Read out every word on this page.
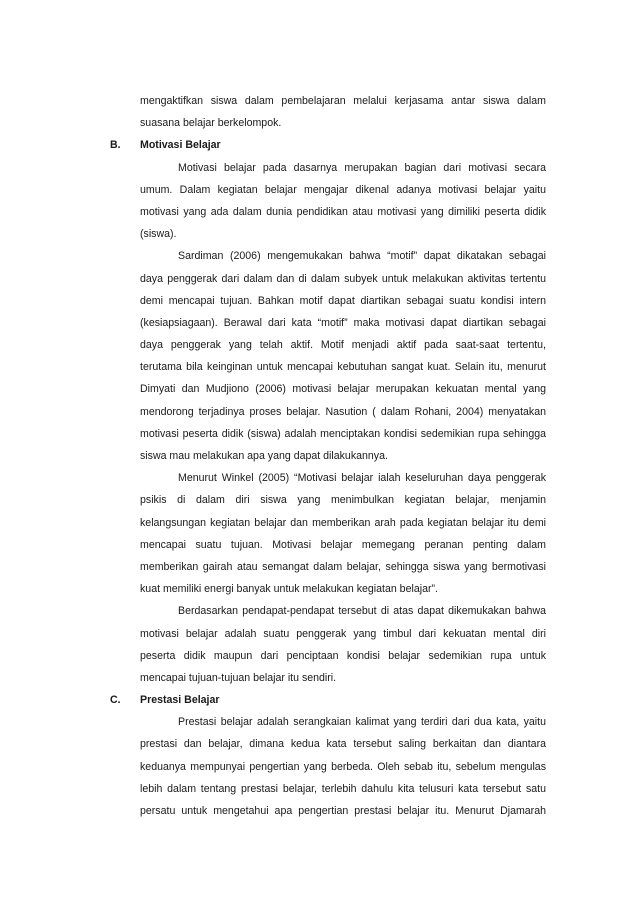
mengaktifkan siswa dalam pembelajaran melalui kerjasama antar siswa dalam
suasana belajar berkelompok.
B. Motivasi Belajar
Motivasi belajar pada dasarnya merupakan bagian dari motivasi secara
umum. Dalam kegiatan belajar mengajar dikenal adanya motivasi belajar yaitu
motivasi yang ada dalam dunia pendidikan atau motivasi yang dimiliki peserta didik
(siswa).
Sardiman (2006) mengemukakan bahwa “motif” dapat dikatakan sebagai
daya penggerak dari dalam dan di dalam subyek untuk melakukan aktivitas tertentu
demi mencapai tujuan. Bahkan motif dapat diartikan sebagai suatu kondisi intern
(kesiapsiagaan). Berawal dari kata “motif” maka motivasi dapat diartikan sebagai
daya penggerak yang telah aktif. Motif menjadi aktif pada saat-saat tertentu,
terutama bila keinginan untuk mencapai kebutuhan sangat kuat. Selain itu, menurut
Dimyati dan Mudjiono (2006) motivasi belajar merupakan kekuatan mental yang
mendorong terjadinya proses belajar. Nasution ( dalam Rohani, 2004) menyatakan
motivasi peserta didik (siswa) adalah menciptakan kondisi sedemikian rupa sehingga
siswa mau melakukan apa yang dapat dilakukannya.
Menurut Winkel (2005) “Motivasi belajar ialah keseluruhan daya penggerak
psikis di dalam diri siswa yang menimbulkan kegiatan belajar, menjamin
kelangsungan kegiatan belajar dan memberikan arah pada kegiatan belajar itu demi
mencapai suatu tujuan. Motivasi belajar memegang peranan penting dalam
memberikan gairah atau semangat dalam belajar, sehingga siswa yang bermotivasi
kuat memiliki energi banyak untuk melakukan kegiatan belajar”.
Berdasarkan pendapat-pendapat tersebut di atas dapat dikemukakan bahwa
motivasi belajar adalah suatu penggerak yang timbul dari kekuatan mental diri
peserta didik maupun dari penciptaan kondisi belajar sedemikian rupa untuk
mencapai tujuan-tujuan belajar itu sendiri.
C. Prestasi Belajar
Prestasi belajar adalah serangkaian kalimat yang terdiri dari dua kata, yaitu
prestasi dan belajar, dimana kedua kata tersebut saling berkaitan dan diantara
keduanya mempunyai pengertian yang berbeda. Oleh sebab itu, sebelum mengulas
lebih dalam tentang prestasi belajar, terlebih dahulu kita telusuri kata tersebut satu
persatu untuk mengetahui apa pengertian prestasi belajar itu. Menurut Djamarah
